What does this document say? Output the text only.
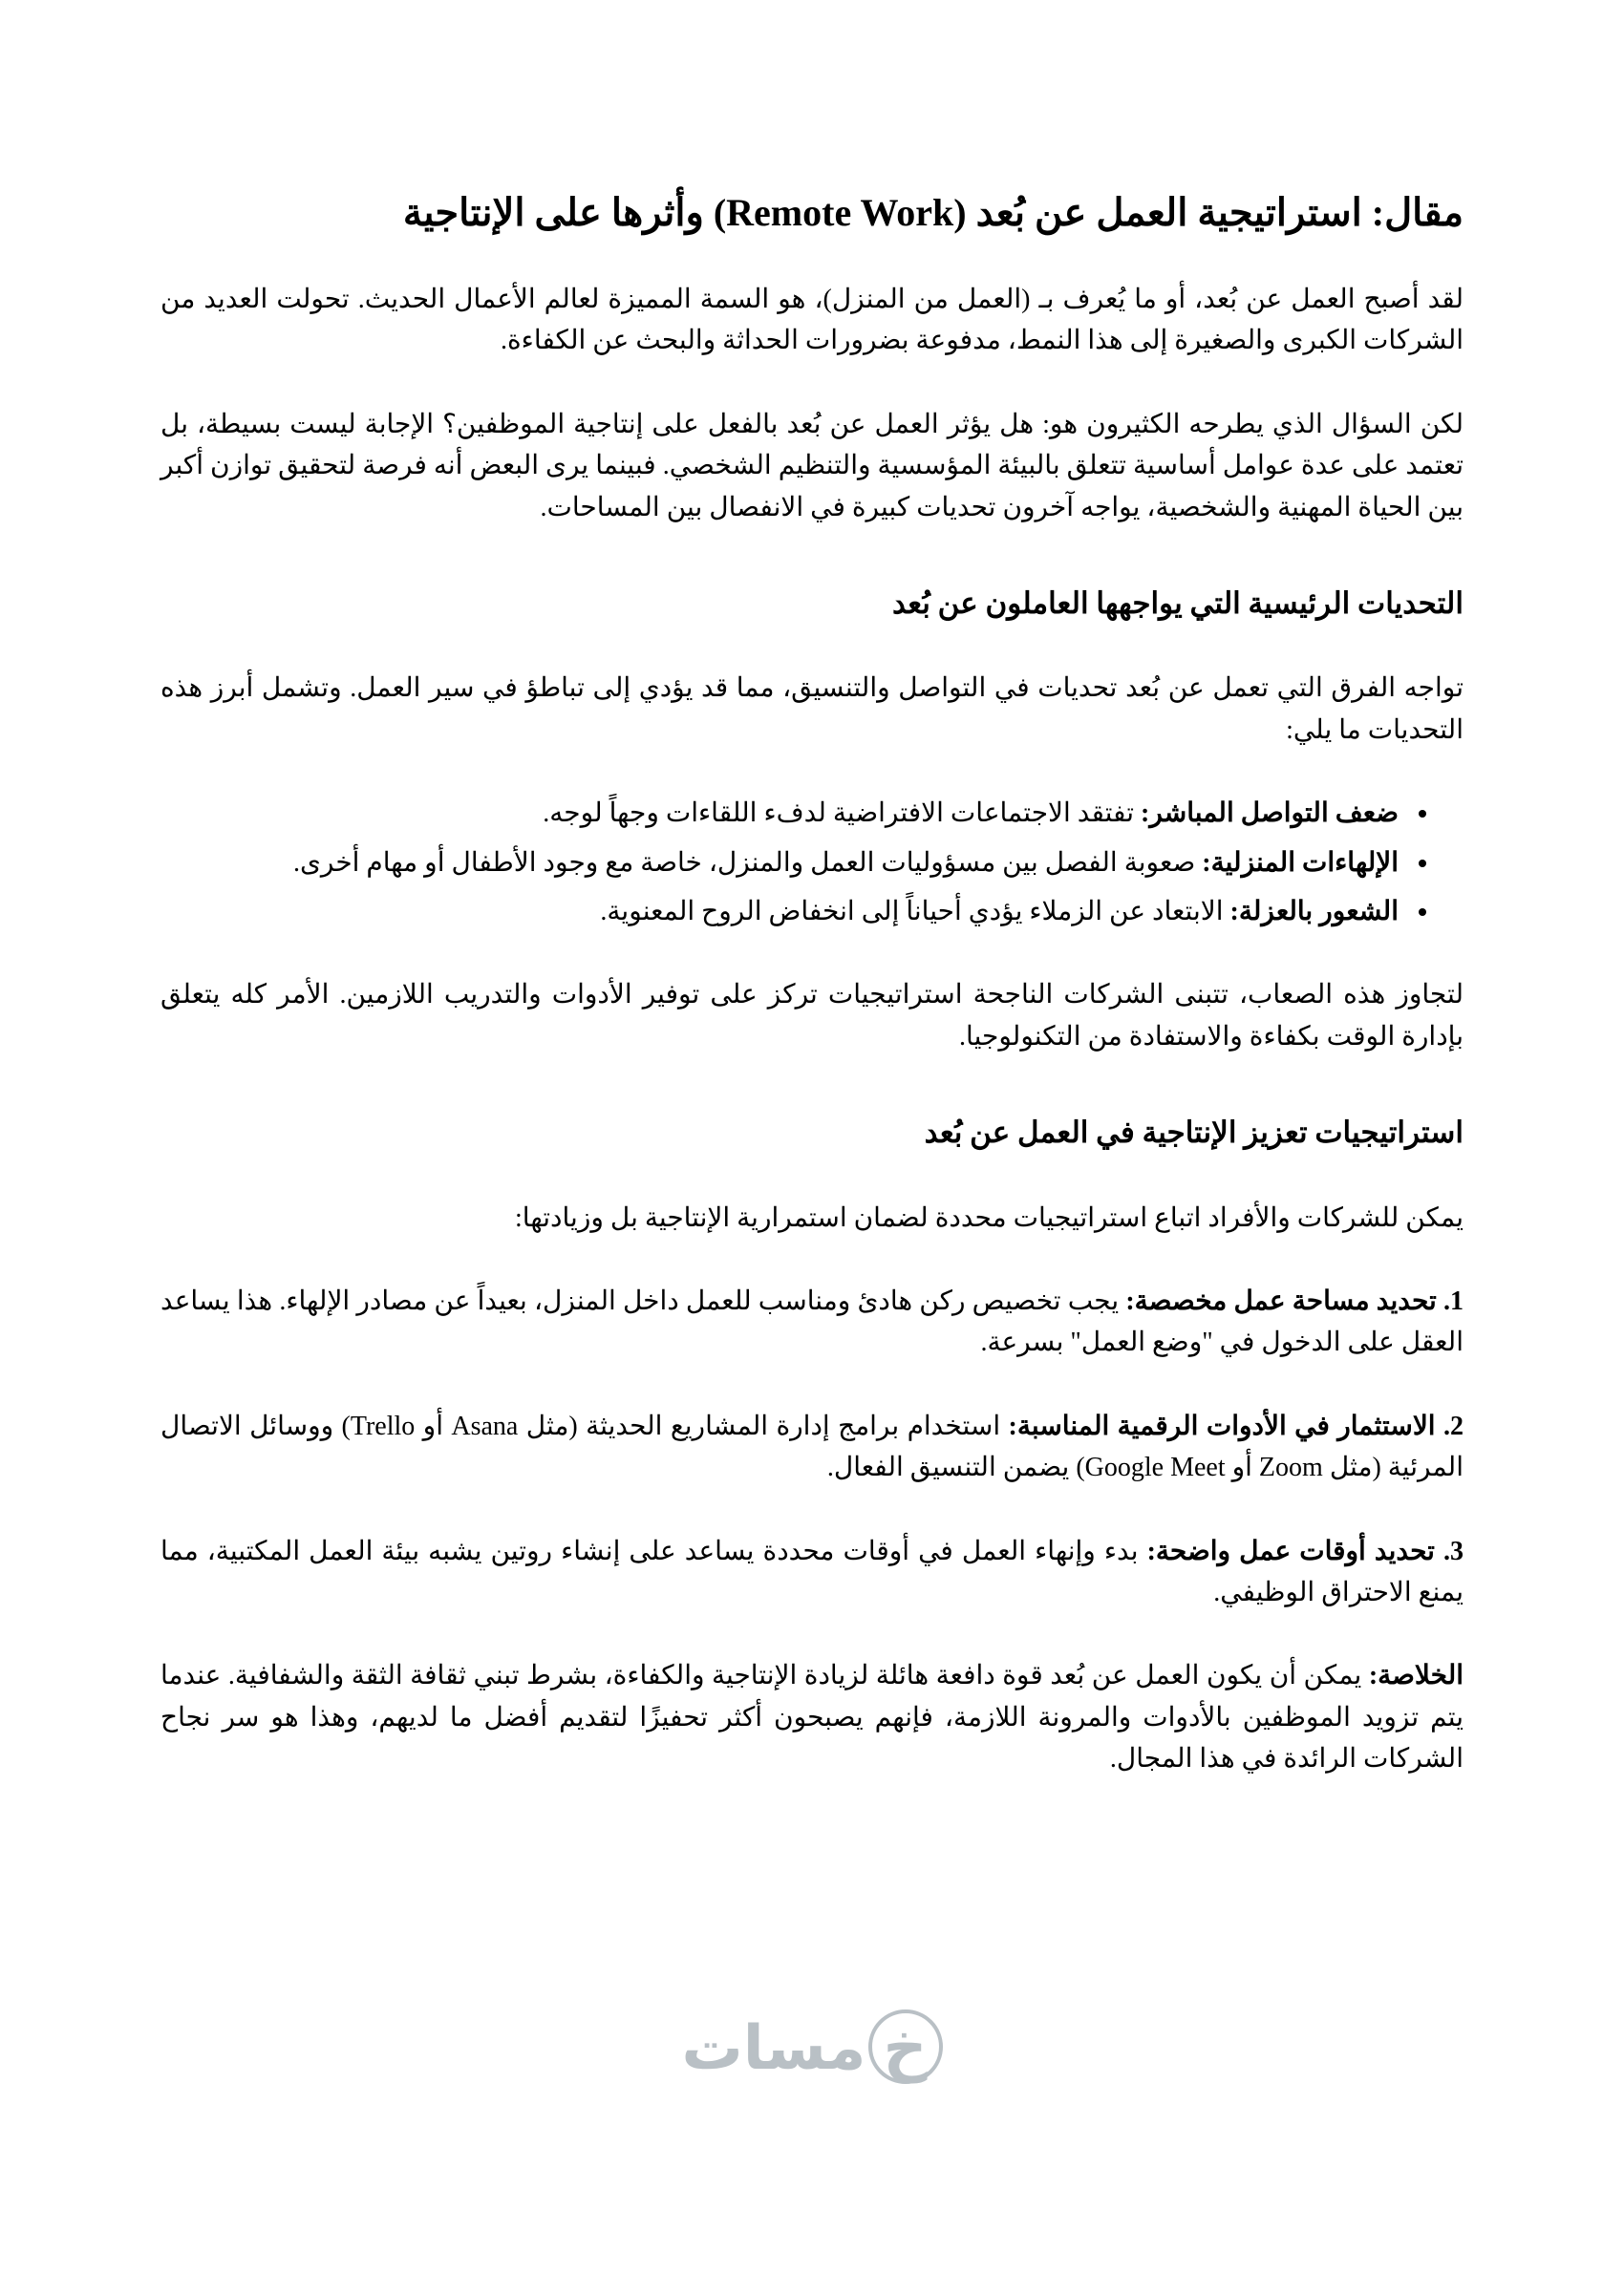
مقال: استراتيجية العمل عن بُعد (Remote Work) وأثرها على الإنتاجية

لقد أصبح العمل عن بُعد، أو ما يُعرف بـ (العمل من المنزل)، هو السمة المميزة لعالم الأعمال الحديث. تحولت العديد من الشركات الكبرى والصغيرة إلى هذا النمط، مدفوعة بضرورات الحداثة والبحث عن الكفاءة.

لكن السؤال الذي يطرحه الكثيرون هو: هل يؤثر العمل عن بُعد بالفعل على إنتاجية الموظفين؟ الإجابة ليست بسيطة، بل تعتمد على عدة عوامل أساسية تتعلق بالبيئة المؤسسية والتنظيم الشخصي. فبينما يرى البعض أنه فرصة لتحقيق توازن أكبر بين الحياة المهنية والشخصية، يواجه آخرون تحديات كبيرة في الانفصال بين المساحات.

التحديات الرئيسية التي يواجهها العاملون عن بُعد

تواجه الفرق التي تعمل عن بُعد تحديات في التواصل والتنسيق، مما قد يؤدي إلى تباطؤ في سير العمل. وتشمل أبرز هذه التحديات ما يلي:

• ضعف التواصل المباشر: تفتقد الاجتماعات الافتراضية لدفء اللقاءات وجهاً لوجه.
• الإلهاءات المنزلية: صعوبة الفصل بين مسؤوليات العمل والمنزل، خاصة مع وجود الأطفال أو مهام أخرى.
• الشعور بالعزلة: الابتعاد عن الزملاء يؤدي أحياناً إلى انخفاض الروح المعنوية.

لتجاوز هذه الصعاب، تتبنى الشركات الناجحة استراتيجيات تركز على توفير الأدوات والتدريب اللازمين. الأمر كله يتعلق بإدارة الوقت بكفاءة والاستفادة من التكنولوجيا.

استراتيجيات تعزيز الإنتاجية في العمل عن بُعد

يمكن للشركات والأفراد اتباع استراتيجيات محددة لضمان استمرارية الإنتاجية بل وزيادتها:

1. تحديد مساحة عمل مخصصة: يجب تخصيص ركن هادئ ومناسب للعمل داخل المنزل، بعيداً عن مصادر الإلهاء. هذا يساعد العقل على الدخول في "وضع العمل" بسرعة.

2. الاستثمار في الأدوات الرقمية المناسبة: استخدام برامج إدارة المشاريع الحديثة (مثل Asana أو Trello) ووسائل الاتصال المرئية (مثل Zoom أو Google Meet) يضمن التنسيق الفعال.

3. تحديد أوقات عمل واضحة: بدء وإنهاء العمل في أوقات محددة يساعد على إنشاء روتين يشبه بيئة العمل المكتبية، مما يمنع الاحتراق الوظيفي.

الخلاصة: يمكن أن يكون العمل عن بُعد قوة دافعة هائلة لزيادة الإنتاجية والكفاءة، بشرط تبني ثقافة الثقة والشفافية. عندما يتم تزويد الموظفين بالأدوات والمرونة اللازمة، فإنهم يصبحون أكثر تحفيزًا لتقديم أفضل ما لديهم، وهذا هو سر نجاح الشركات الرائدة في هذا المجال.

خمسات
